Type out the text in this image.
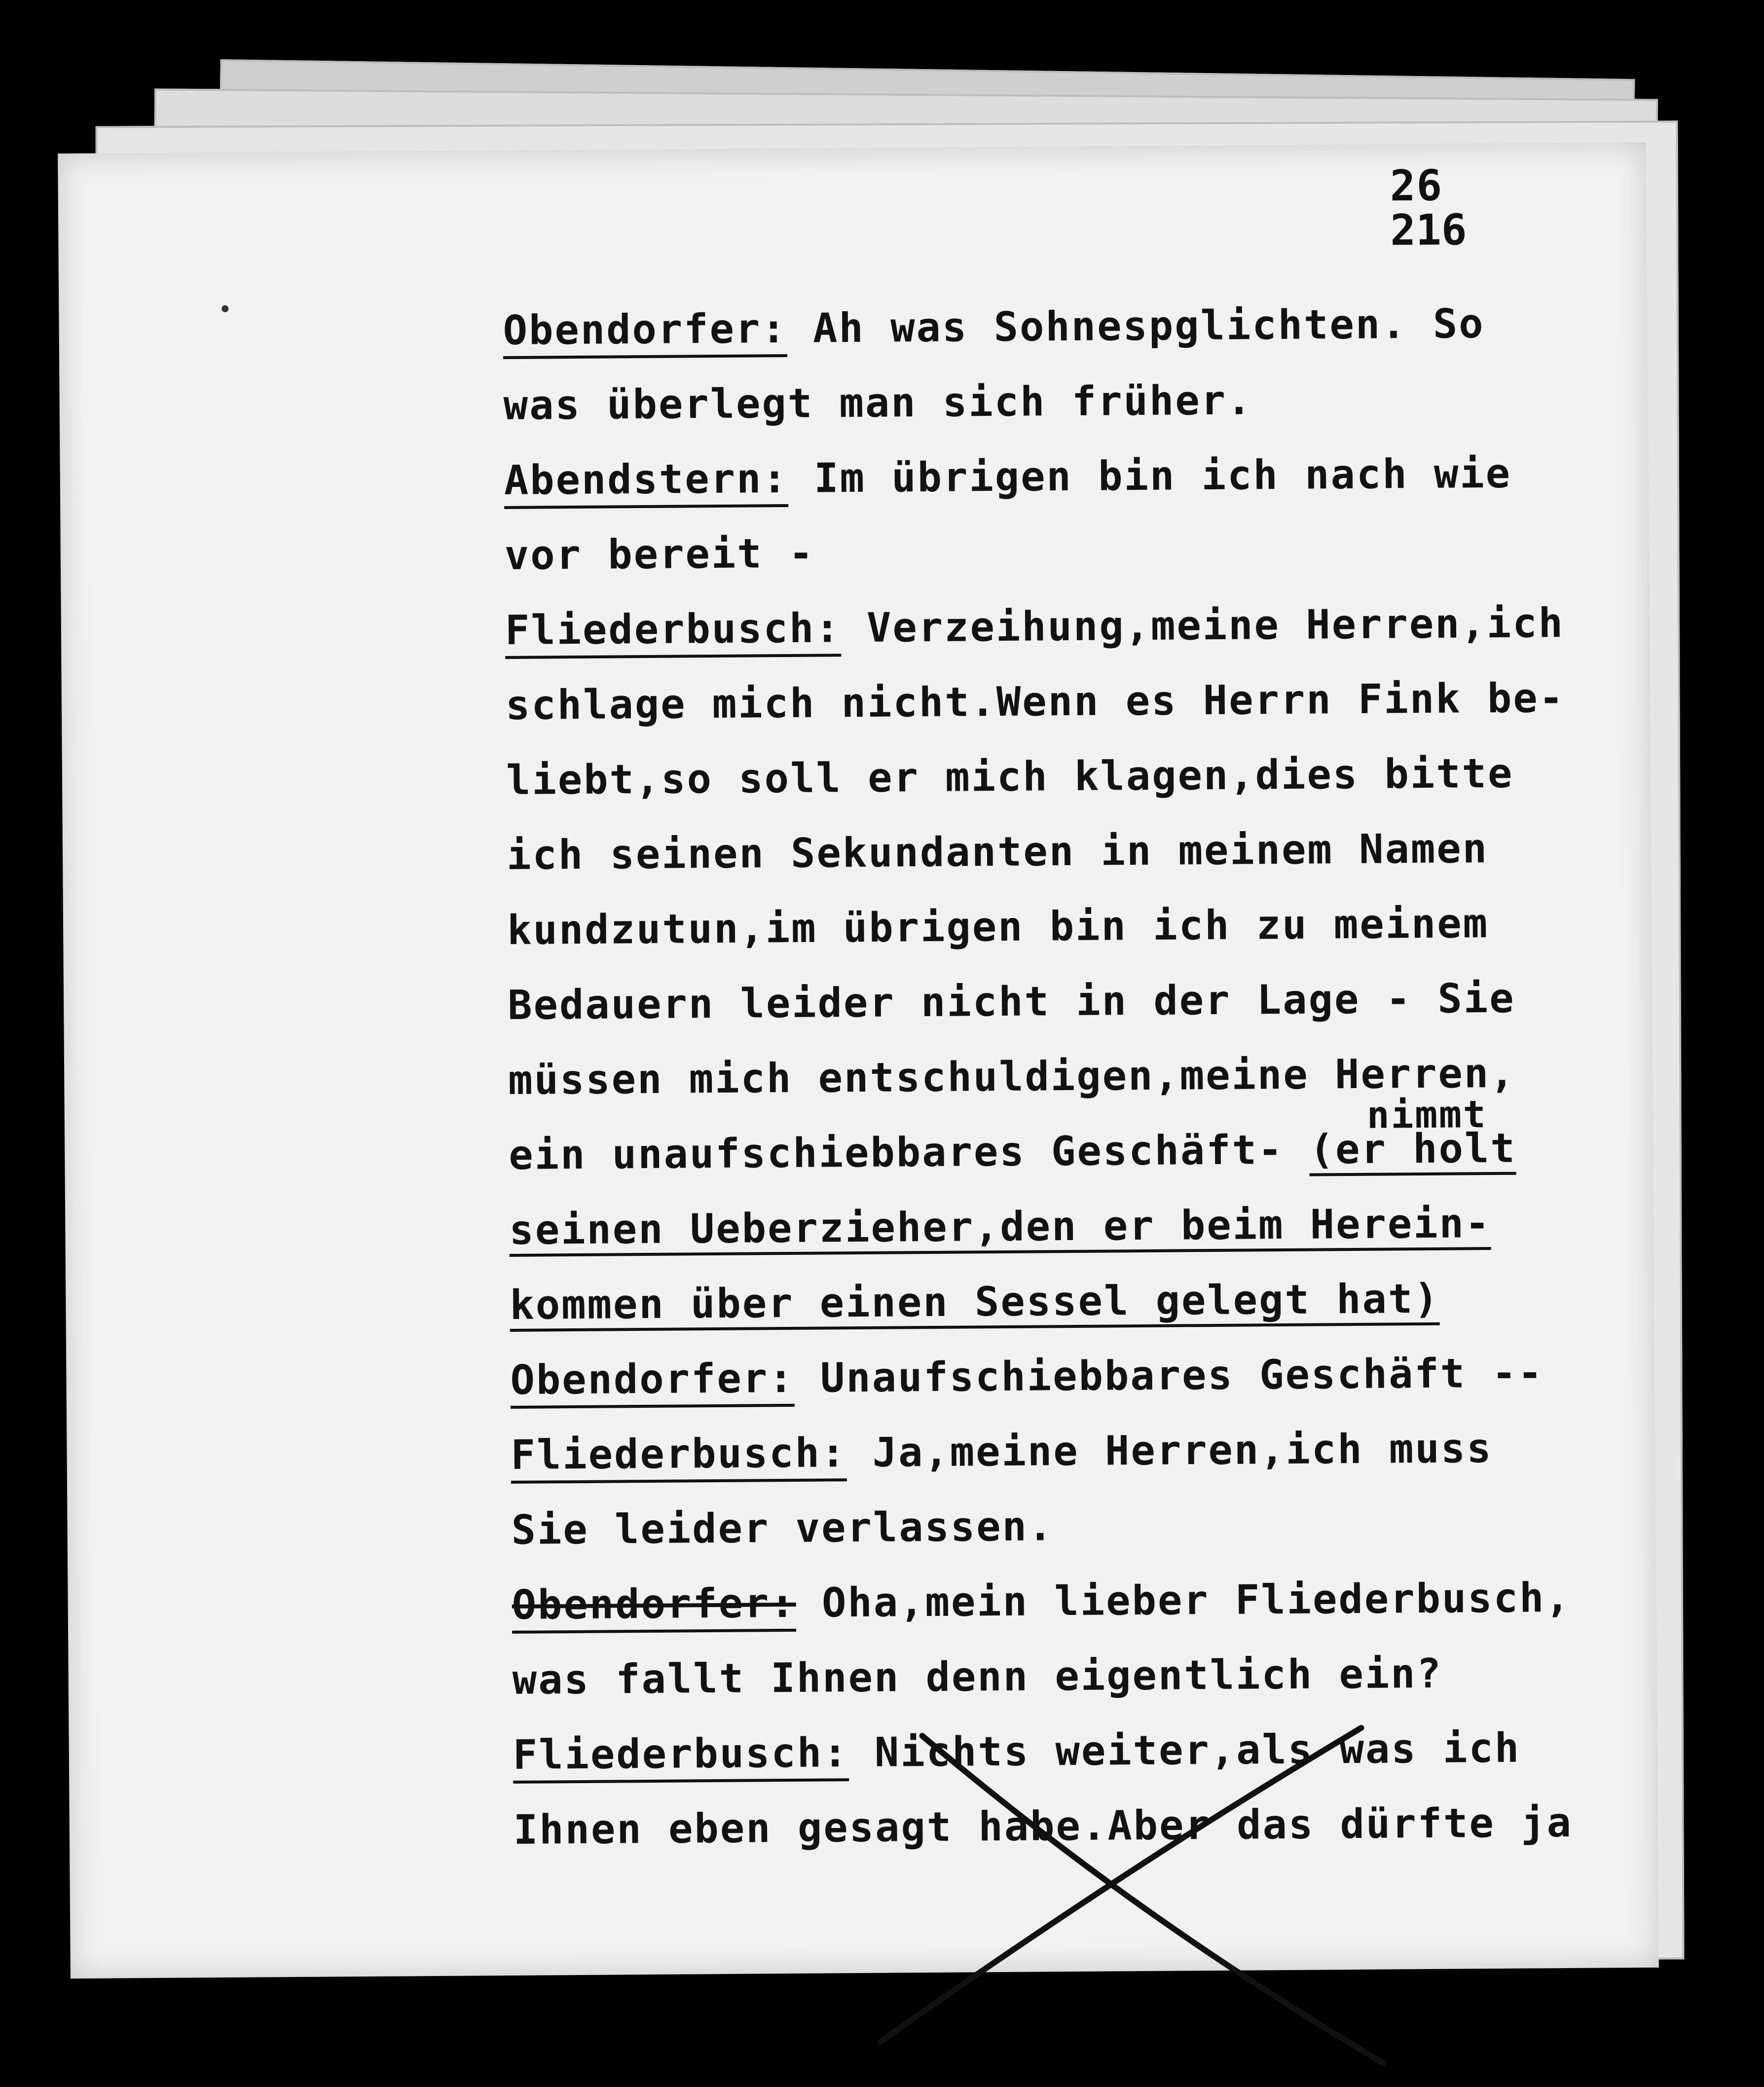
26
216
Obendorfer: Ah was Sohnespglichten. So
was überlegt man sich früher.
Abendstern: Im übrigen bin ich nach wie
vor bereit -
Fliederbusch: Verzeihung,meine Herren,ich
schlage mich nicht.Wenn es Herrn Fink be-
liebt,so soll er mich klagen,dies bitte
ich seinen Sekundanten in meinem Namen
kundzutun,im übrigen bin ich zu meinem
Bedauern leider nicht in der Lage - Sie
müssen mich entschuldigen,meine Herren,
ein unaufschiebbares Geschäft- (er holt
nimmt
seinen Ueberzieher,den er beim Herein-
kommen über einen Sessel gelegt hat)
Obendorfer: Unaufschiebbares Geschäft --
Fliederbusch: Ja,meine Herren,ich muss
Sie leider verlassen.
Obendorfer: Oha,mein lieber Fliederbusch,
was fallt Ihnen denn eigentlich ein?
Fliederbusch: Nichts weiter,als was ich
Ihnen eben gesagt habe.Aber das dürfte ja
